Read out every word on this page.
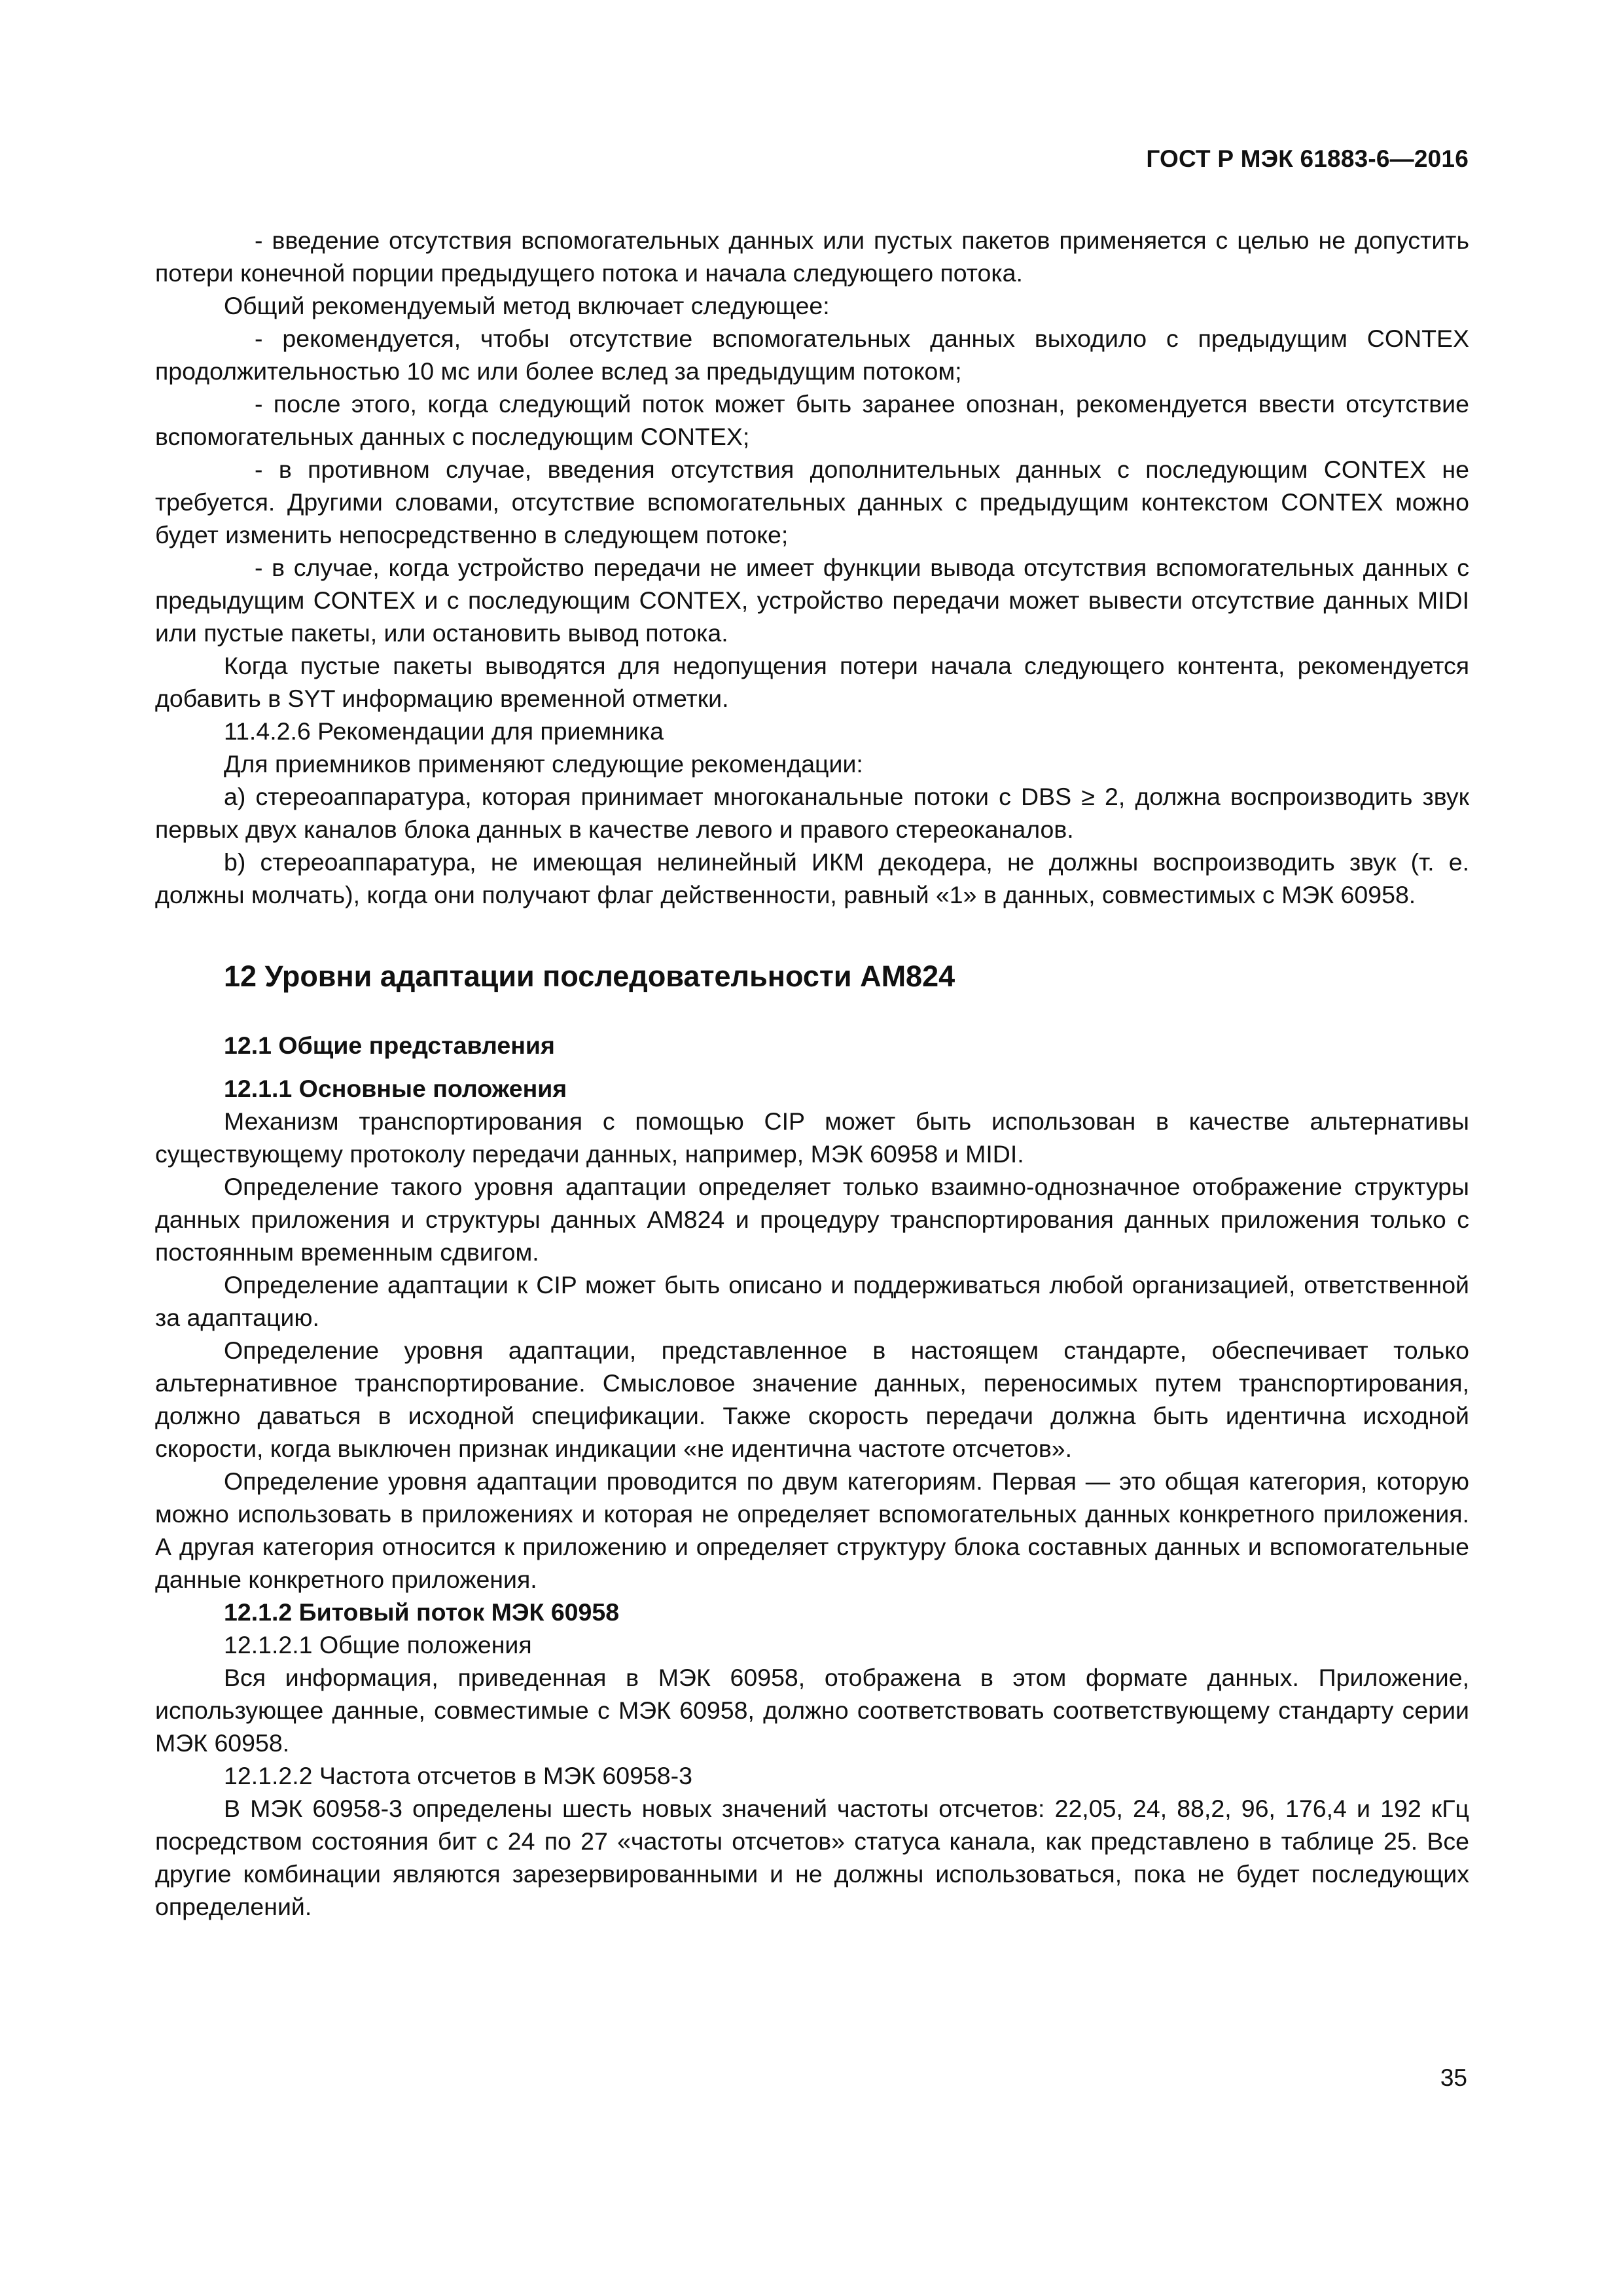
ГОСТ Р МЭК 61883-6—2016

- введение отсутствия вспомогательных данных или пустых пакетов применяется с целью не допустить потери конечной порции предыдущего потока и начала следующего потока.

Общий рекомендуемый метод включает следующее:

- рекомендуется, чтобы отсутствие вспомогательных данных выходило с предыдущим CONTEX продолжительностью 10 мс или более вслед за предыдущим потоком;

- после этого, когда следующий поток может быть заранее опознан, рекомендуется ввести отсутствие вспомогательных данных с последующим CONTEX;

- в противном случае, введения отсутствия дополнительных данных с последующим CONTEX не требуется. Другими словами, отсутствие вспомогательных данных с предыдущим контекстом CONTEX можно будет изменить непосредственно в следующем потоке;

- в случае, когда устройство передачи не имеет функции вывода отсутствия вспомогательных данных с предыдущим CONTEX и с последующим CONTEX, устройство передачи может вывести отсутствие данных MIDI или пустые пакеты, или остановить вывод потока.

Когда пустые пакеты выводятся для недопущения потери начала следующего контента, рекомендуется добавить в SYT информацию временной отметки.

11.4.2.6 Рекомендации для приемника

Для приемников применяют следующие рекомендации:

a) стереоаппаратура, которая принимает многоканальные потоки с DBS ≥ 2, должна воспроизводить звук первых двух каналов блока данных в качестве левого и правого стереоканалов.

b) стереоаппаратура, не имеющая нелинейный ИКМ декодера, не должны воспроизводить звук (т. е. должны молчать), когда они получают флаг действенности, равный «1» в данных, совместимых с МЭК 60958.

12 Уровни адаптации последовательности AM824
12.1 Общие представления
12.1.1 Основные положения

Механизм транспортирования с помощью CIP может быть использован в качестве альтернативы существующему протоколу передачи данных, например, МЭК 60958 и MIDI.

Определение такого уровня адаптации определяет только взаимно-однозначное отображение структуры данных приложения и структуры данных AM824 и процедуру транспортирования данных приложения только с постоянным временным сдвигом.

Определение адаптации к CIP может быть описано и поддерживаться любой организацией, ответственной за адаптацию.

Определение уровня адаптации, представленное в настоящем стандарте, обеспечивает только альтернативное транспортирование. Смысловое значение данных, переносимых путем транспортирования, должно даваться в исходной спецификации. Также скорость передачи должна быть идентична исходной скорости, когда выключен признак индикации «не идентична частоте отсчетов».

Определение уровня адаптации проводится по двум категориям. Первая — это общая категория, которую можно использовать в приложениях и которая не определяет вспомогательных данных конкретного приложения. А другая категория относится к приложению и определяет структуру блока составных данных и вспомогательные данные конкретного приложения.

12.1.2 Битовый поток МЭК 60958

12.1.2.1 Общие положения

Вся информация, приведенная в МЭК 60958, отображена в этом формате данных. Приложение, использующее данные, совместимые с МЭК 60958, должно соответствовать соответствующему стандарту серии МЭК 60958.

12.1.2.2 Частота отсчетов в МЭК 60958-3

В МЭК 60958-3 определены шесть новых значений частоты отсчетов: 22,05, 24, 88,2, 96, 176,4 и 192 кГц посредством состояния бит с 24 по 27 «частоты отсчетов» статуса канала, как представлено в таблице 25. Все другие комбинации являются зарезервированными и не должны использоваться, пока не будет последующих определений.

35
